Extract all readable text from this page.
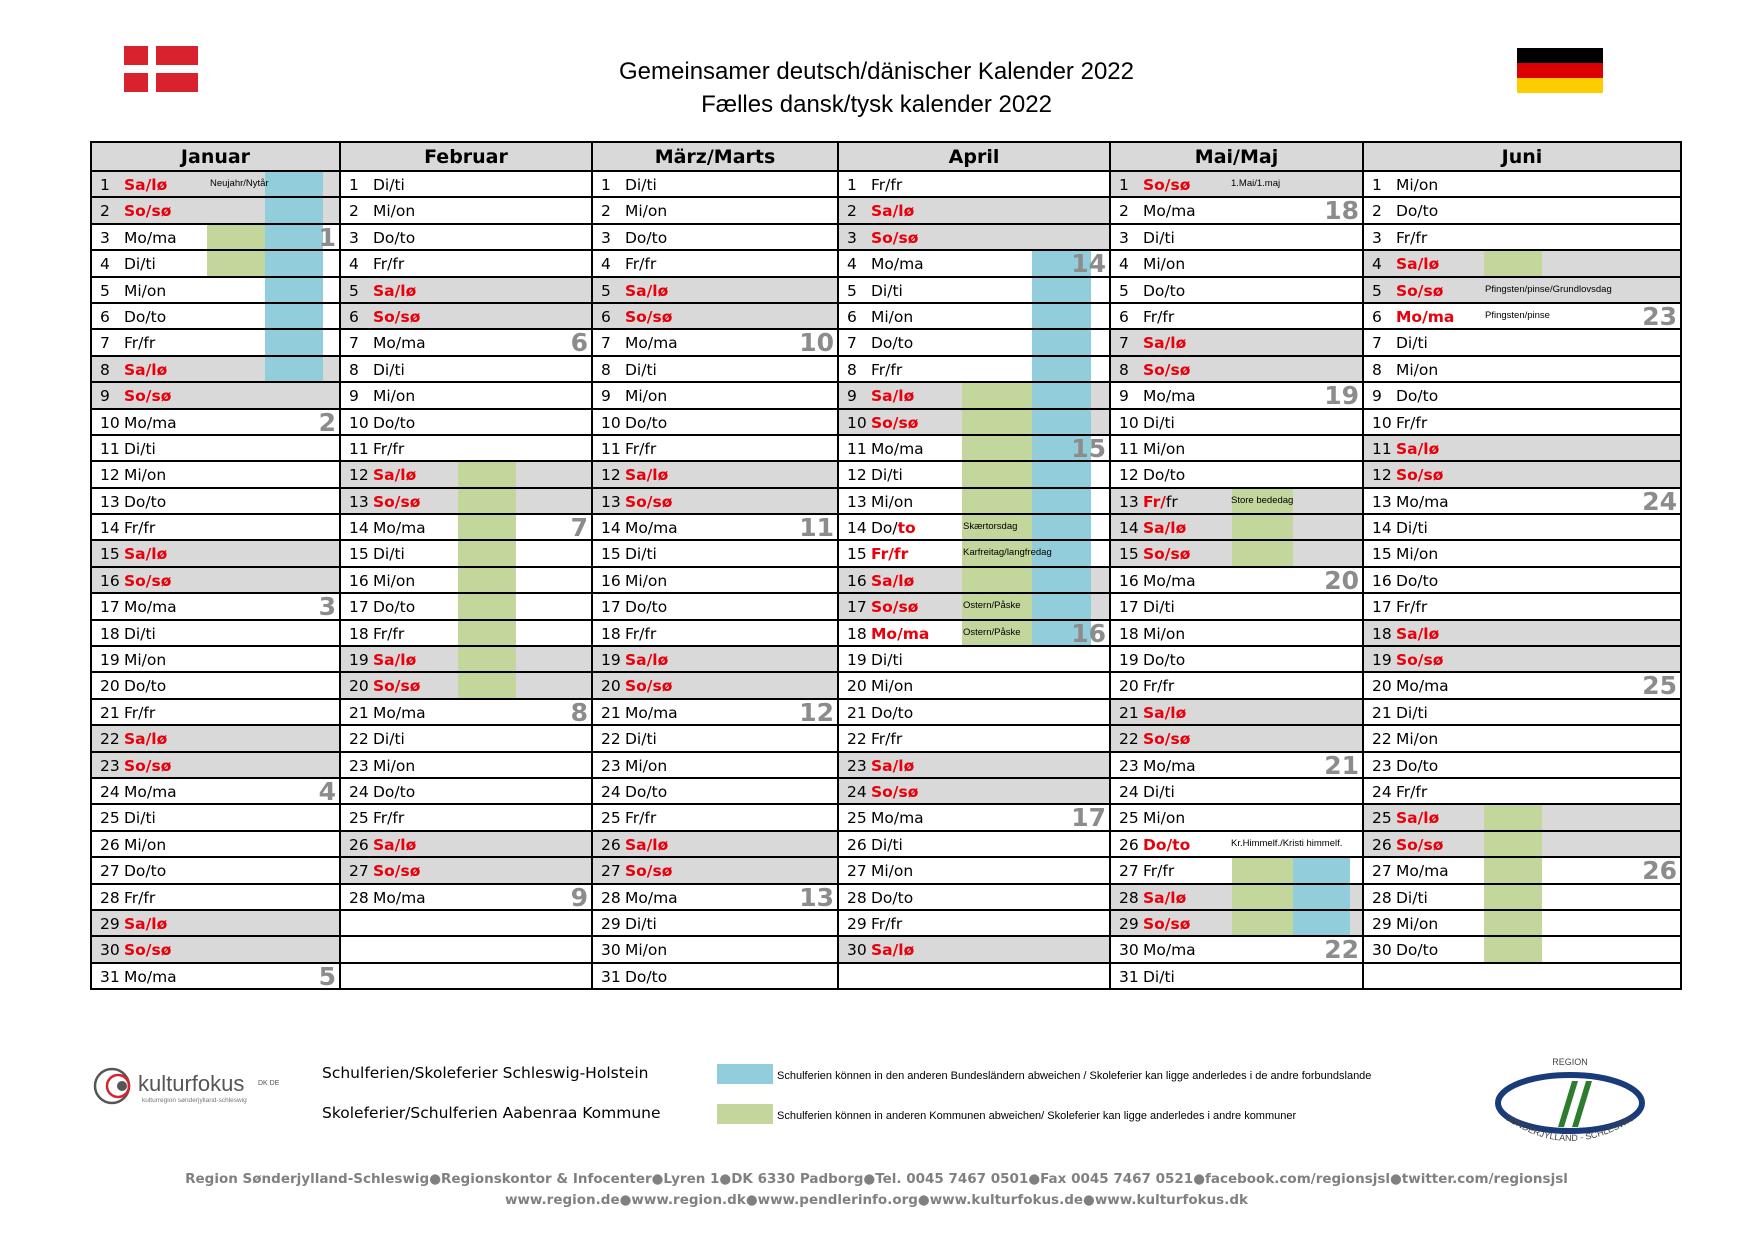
Gemeinsamer deutsch/dänischer Kalender 2022
Fælles dansk/tysk kalender 2022
Januar	Februar	März/Marts	April	Mai/Maj	Juni

1 Sa/lø Neujahr/Nytår	1 Di/ti	1 Di/ti	1 Fr/fr	1 So/sø 1.Mai/1.maj	1 Mi/on

2 So/sø	2 Mi/on	2 Mi/on	2 Sa/lø	2 Mo/ma 18	2 Do/to

3 Mo/ma 1	3 Do/to	3 Do/to	3 So/sø	3 Di/ti	3 Fr/fr

4 Di/ti	4 Fr/fr	4 Fr/fr	4 Mo/ma 14	4 Mi/on	4 Sa/lø

5 Mi/on	5 Sa/lø	5 Sa/lø	5 Di/ti	5 Do/to	5 So/sø Pfingsten/pinse/Grundlovsdag

6 Do/to	6 So/sø	6 So/sø	6 Mi/on	6 Fr/fr	6 Mo/ma Pfingsten/pinse 23

7 Fr/fr	7 Mo/ma 6	7 Mo/ma 10	7 Do/to	7 Sa/lø	7 Di/ti

8 Sa/lø	8 Di/ti	8 Di/ti	8 Fr/fr	8 So/sø	8 Mi/on

9 So/sø	9 Mi/on	9 Mi/on	9 Sa/lø	9 Mo/ma 19	9 Do/to

10 Mo/ma 2	10 Do/to	10 Do/to	10 So/sø	10 Di/ti	10 Fr/fr

11 Di/ti	11 Fr/fr	11 Fr/fr	11 Mo/ma 15	11 Mi/on	11 Sa/lø

12 Mi/on	12 Sa/lø	12 Sa/lø	12 Di/ti	12 Do/to	12 So/sø

13 Do/to	13 So/sø	13 So/sø	13 Mi/on	13 Fr/fr Store bededag	13 Mo/ma 24

14 Fr/fr	14 Mo/ma 7	14 Mo/ma 11	14 Do/to Skærtorsdag	14 Sa/lø	14 Di/ti

15 Sa/lø	15 Di/ti	15 Di/ti	15 Fr/fr Karfreitag/langfredag	15 So/sø	15 Mi/on

16 So/sø	16 Mi/on	16 Mi/on	16 Sa/lø	16 Mo/ma 20	16 Do/to

17 Mo/ma 3	17 Do/to	17 Do/to	17 So/sø Ostern/Påske	17 Di/ti	17 Fr/fr

18 Di/ti	18 Fr/fr	18 Fr/fr	18 Mo/ma Ostern/Påske 16	18 Mi/on	18 Sa/lø

19 Mi/on	19 Sa/lø	19 Sa/lø	19 Di/ti	19 Do/to	19 So/sø

20 Do/to	20 So/sø	20 So/sø	20 Mi/on	20 Fr/fr	20 Mo/ma 25

21 Fr/fr	21 Mo/ma 8	21 Mo/ma 12	21 Do/to	21 Sa/lø	21 Di/ti

22 Sa/lø	22 Di/ti	22 Di/ti	22 Fr/fr	22 So/sø	22 Mi/on

23 So/sø	23 Mi/on	23 Mi/on	23 Sa/lø	23 Mo/ma 21	23 Do/to

24 Mo/ma 4	24 Do/to	24 Do/to	24 So/sø	24 Di/ti	24 Fr/fr

25 Di/ti	25 Fr/fr	25 Fr/fr	25 Mo/ma 17	25 Mi/on	25 Sa/lø

26 Mi/on	26 Sa/lø	26 Sa/lø	26 Di/ti	26 Do/to Kr.Himmelf./Kristi himmelf.	26 So/sø

27 Do/to	27 So/sø	27 So/sø	27 Mi/on	27 Fr/fr	27 Mo/ma 26

28 Fr/fr	28 Mo/ma 9	28 Mo/ma 13	28 Do/to	28 Sa/lø	28 Di/ti

29 Sa/lø		29 Di/ti	29 Fr/fr	29 So/sø	29 Mi/on

30 So/sø		30 Mi/on	30 Sa/lø	30 Mo/ma 22	30 Do/to

31 Mo/ma 5		31 Do/to		31 Di/ti	

kulturfokus DK DE
kulturregion sønderjylland-schleswig
Schulferien/Skoleferier Schleswig-Holstein
Skoleferier/Schulferien Aabenraa Kommune
Schulferien können in den anderen Bundesländern abweichen / Skoleferier kan ligge anderledes i de andre forbundslande
Schulferien können in anderen Kommunen abweichen/ Skoleferier kan ligge anderledes i andre kommuner
REGION
SØNDERJYLLAND - SCHLESWIG
Region Sønderjylland-Schleswig●Regionskontor & Infocenter●Lyren 1●DK 6330 Padborg●Tel. 0045 7467 0501●Fax 0045 7467 0521●facebook.com/regionsjsl●twitter.com/regionsjsl
www.region.de●www.region.dk●www.pendlerinfo.org●www.kulturfokus.de●www.kulturfokus.dk
